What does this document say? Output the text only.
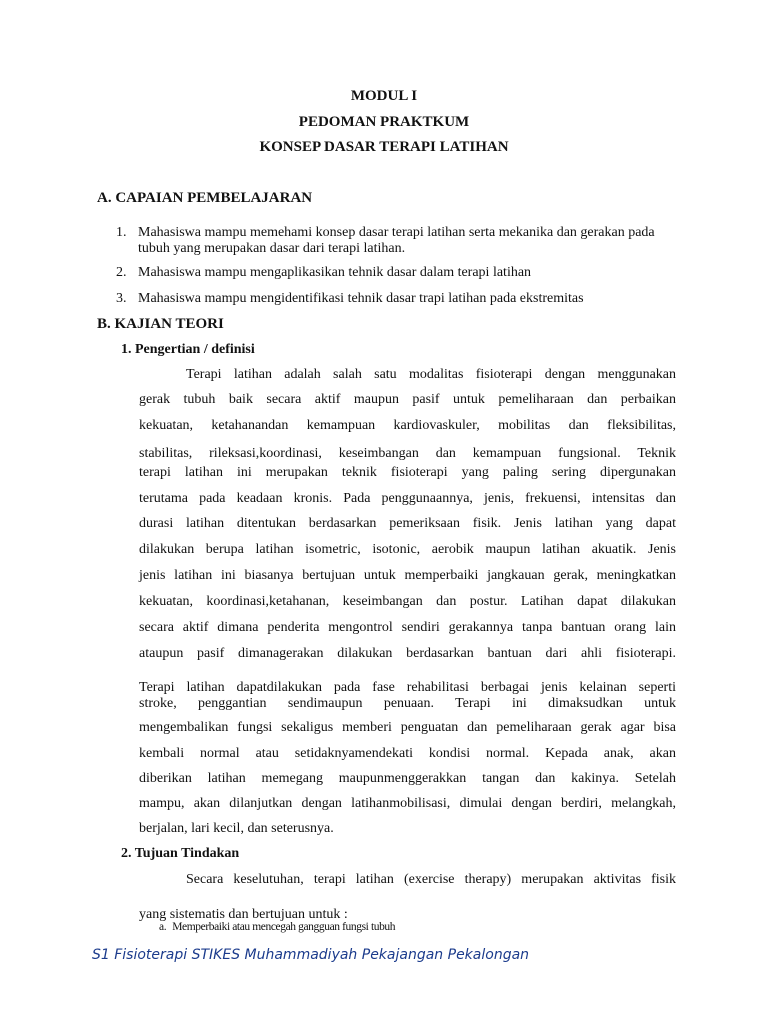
MODUL I
PEDOMAN PRAKTKUM
KONSEP DASAR TERAPI LATIHAN
A. CAPAIAN PEMBELAJARAN
1. Mahasiswa mampu memehami konsep dasar terapi latihan serta mekanika dan gerakan pada tubuh yang merupakan dasar dari terapi latihan.
2. Mahasiswa mampu mengaplikasikan tehnik dasar dalam terapi latihan
3. Mahasiswa mampu mengidentifikasi tehnik dasar trapi latihan pada ekstremitas
B. KAJIAN TEORI
1. Pengertian / definisi
Terapi latihan adalah salah satu modalitas fisioterapi dengan menggunakan
gerak tubuh baik secara aktif maupun pasif untuk pemeliharaan dan perbaikan
kekuatan, ketahanandan kemampuan kardiovaskuler, mobilitas dan fleksibilitas,
stabilitas, rileksasi,koordinasi, keseimbangan dan kemampuan fungsional. Teknik
terapi latihan ini merupakan teknik fisioterapi yang paling sering dipergunakan
terutama pada keadaan kronis. Pada penggunaannya, jenis, frekuensi, intensitas dan
durasi latihan ditentukan berdasarkan pemeriksaan fisik. Jenis latihan yang dapat
dilakukan berupa latihan isometric, isotonic, aerobik maupun latihan akuatik. Jenis
jenis latihan ini biasanya bertujuan untuk memperbaiki jangkauan gerak, meningkatkan
kekuatan, koordinasi,ketahanan, keseimbangan dan postur. Latihan dapat dilakukan
secara aktif dimana penderita mengontrol sendiri gerakannya tanpa bantuan orang lain
ataupun pasif dimanagerakan dilakukan berdasarkan bantuan dari ahli fisioterapi.
Terapi latihan dapatdilakukan pada fase rehabilitasi berbagai jenis kelainan seperti
stroke, penggantian sendimaupun penuaan. Terapi ini dimaksudkan untuk
mengembalikan fungsi sekaligus memberi penguatan dan pemeliharaan gerak agar bisa
kembali normal atau setidaknyamendekati kondisi normal. Kepada anak, akan
diberikan latihan memegang maupunmenggerakkan tangan dan kakinya. Setelah
mampu, akan dilanjutkan dengan latihanmobilisasi, dimulai dengan berdiri, melangkah,
berjalan, lari kecil, dan seterusnya.
2. Tujuan Tindakan
Secara keselutuhan, terapi latihan (exercise therapy) merupakan aktivitas fisik
yang sistematis dan bertujuan untuk :
a. Memperbaiki atau mencegah gangguan fungsi tubuh
S1 Fisioterapi STIKES Muhammadiyah Pekajangan Pekalongan
